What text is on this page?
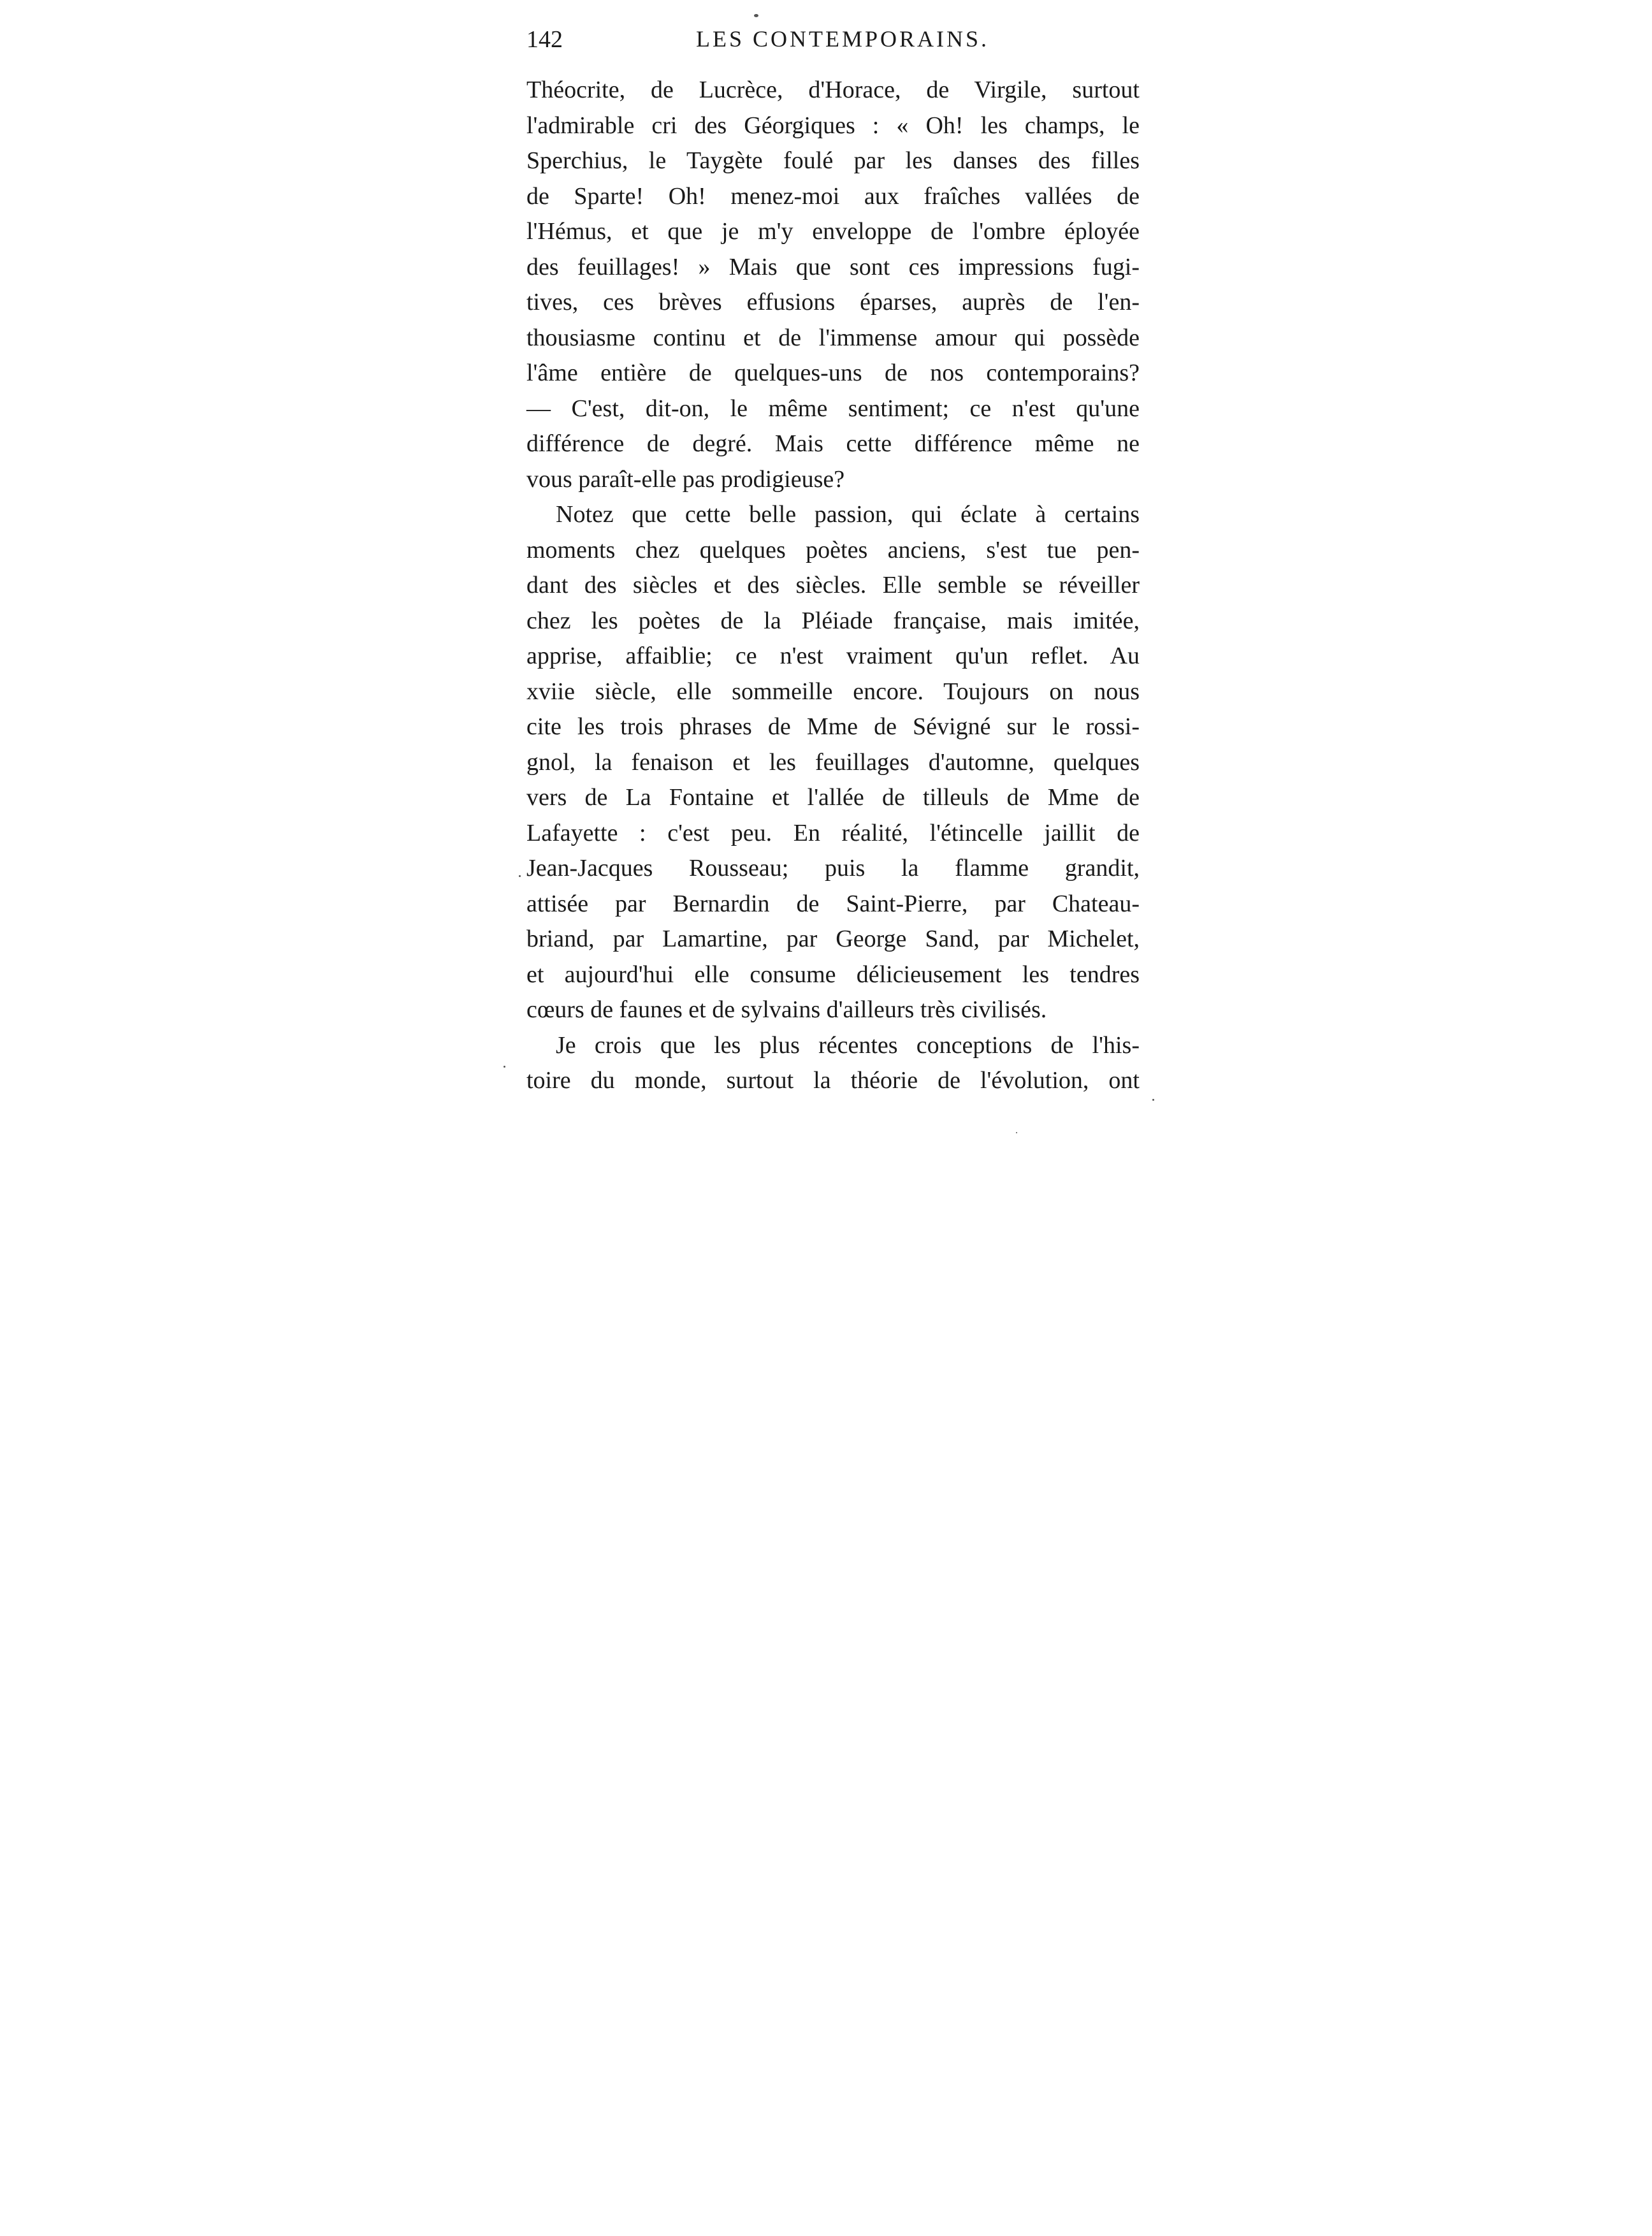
142	LES CONTEMPORAINS.
Théocrite, de Lucrèce, d'Horace, de Virgile, surtout
l'admirable cri des Géorgiques : « Oh! les champs, le
Sperchius, le Taygète foulé par les danses des filles
de Sparte! Oh! menez-moi aux fraîches vallées de
l'Hémus, et que je m'y enveloppe de l'ombre éployée
des feuillages! » Mais que sont ces impressions fugi-
tives, ces brèves effusions éparses, auprès de l'en-
thousiasme continu et de l'immense amour qui possède
l'âme entière de quelques-uns de nos contemporains?
— C'est, dit-on, le même sentiment; ce n'est qu'une
différence de degré. Mais cette différence même ne
vous paraît-elle pas prodigieuse?
Notez que cette belle passion, qui éclate à certains
moments chez quelques poètes anciens, s'est tue pen-
dant des siècles et des siècles. Elle semble se réveiller
chez les poètes de la Pléiade française, mais imitée,
apprise, affaiblie; ce n'est vraiment qu'un reflet. Au
xviie siècle, elle sommeille encore. Toujours on nous
cite les trois phrases de Mme de Sévigné sur le rossi-
gnol, la fenaison et les feuillages d'automne, quelques
vers de La Fontaine et l'allée de tilleuls de Mme de
Lafayette : c'est peu. En réalité, l'étincelle jaillit de
Jean-Jacques Rousseau; puis la flamme grandit,
attisée par Bernardin de Saint-Pierre, par Chateau-
briand, par Lamartine, par George Sand, par Michelet,
et aujourd'hui elle consume délicieusement les tendres
cœurs de faunes et de sylvains d'ailleurs très civilisés.
Je crois que les plus récentes conceptions de l'his-
toire du monde, surtout la théorie de l'évolution, ont
